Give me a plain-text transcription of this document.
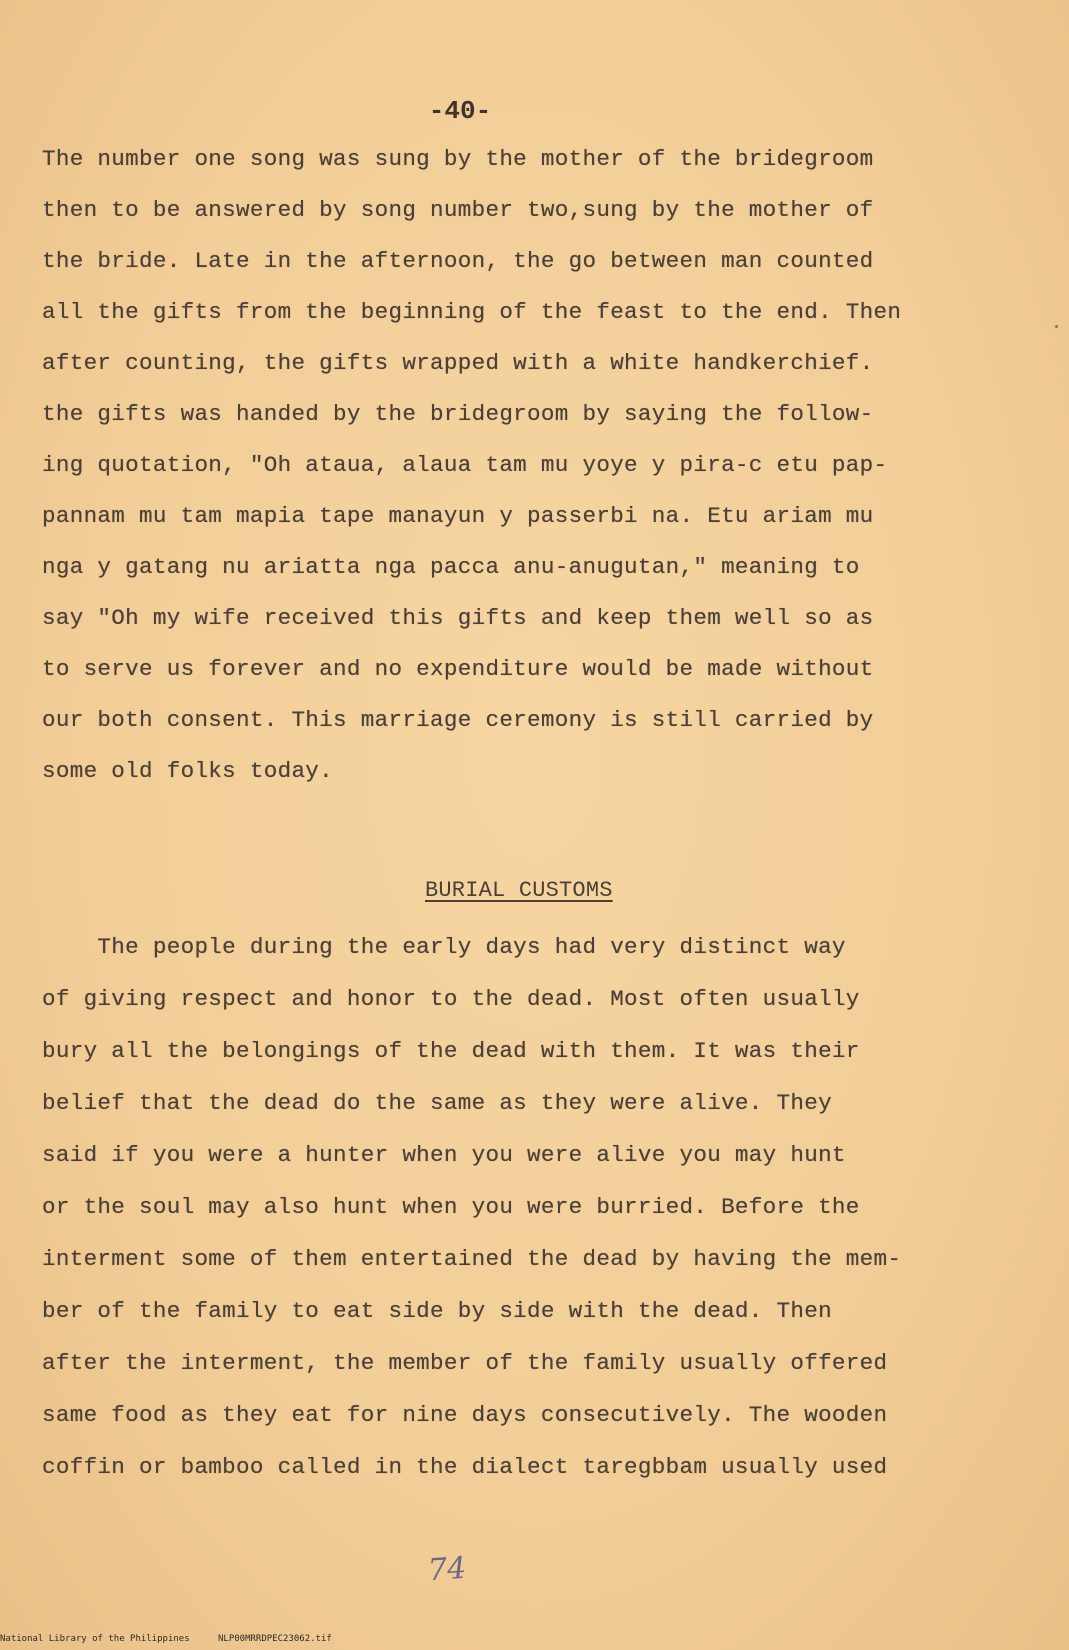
-40-

The number one song was sung by the mother of the bridegroom

then to be answered by song number two,sung by the mother of

the bride. Late in the afternoon, the go between man counted

all the gifts from the beginning of the feast to the end. Then

after counting, the gifts wrapped with a white handkerchief.

the gifts was handed by the bridegroom by saying the follow-

ing quotation, "Oh ataua, alaua tam mu yoye y pira-c etu pap-

pannam mu tam mapia tape manayun y passerbi na. Etu ariam mu

nga y gatang nu ariatta nga pacca anu-anugutan," meaning to

say "Oh my wife received this gifts and keep them well so as

to serve us forever and no expenditure would be made without

our both consent. This marriage ceremony is still carried by

some old folks today.

BURIAL CUSTOMS

The people during the early days had very distinct way

of giving respect and honor to the dead. Most often usually

bury all the belongings of the dead with them. It was their

belief that the dead do the same as they were alive. They

said if you were a hunter when you were alive you may hunt

or the soul may also hunt when you were burried. Before the

interment some of them entertained the dead by having the mem-

ber of the family to eat side by side with the dead. Then

after the interment, the member of the family usually offered

same food as they eat for nine days consecutively. The wooden

coffin or bamboo called in the dialect taregbbam usually used

74
National Library of the Philippines	NLP00MRRDPEC23062.tif
